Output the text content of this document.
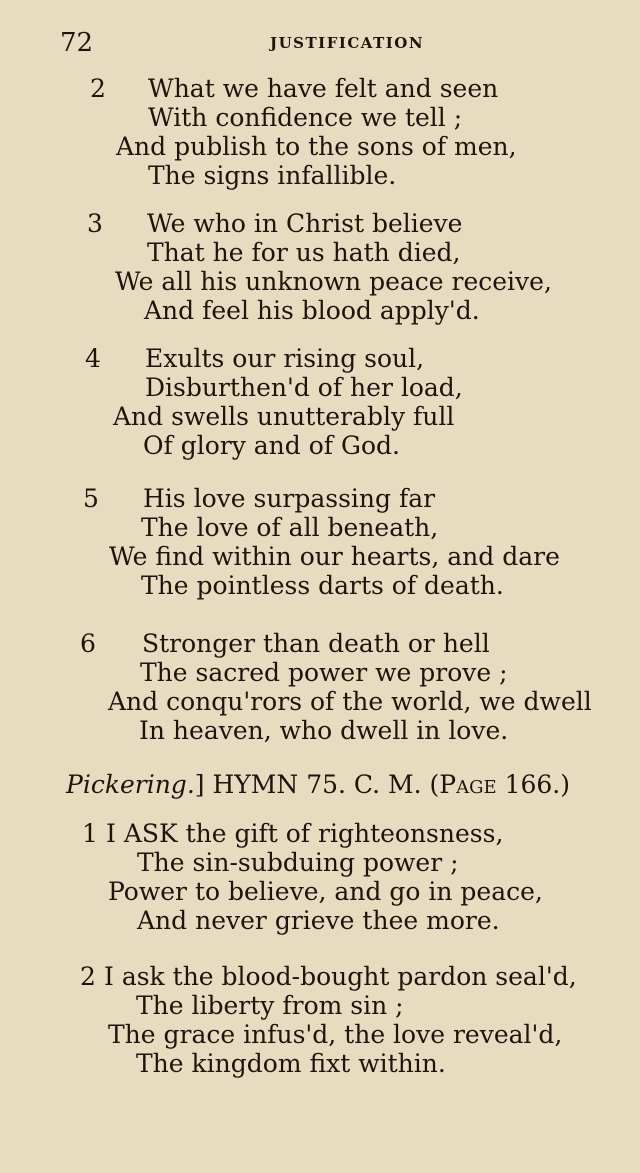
72	JUSTIFICATION
2 What we have felt and seen
With confidence we tell ;
And publish to the sons of men,
The signs infallible.
3 We who in Christ believe
That he for us hath died,
We all his unknown peace receive,
And feel his blood apply'd.
4 Exults our rising soul,
Disburthen'd of her load,
And swells unutterably full
Of glory and of God.
5 His love surpassing far
The love of all beneath,
We find within our hearts, and dare
The pointless darts of death.
6 Stronger than death or hell
The sacred power we prove ;
And conqu'rors of the world, we dwell
In heaven, who dwell in love.
Pickering.] HYMN 75. C. M. (Page 166.)
1 I ASK the gift of righteonsness,
The sin-subduing power ;
Power to believe, and go in peace,
And never grieve thee more.
2 I ask the blood-bought pardon seal'd,
The liberty from sin ;
The grace infus'd, the love reveal'd,
The kingdom fixt within.
